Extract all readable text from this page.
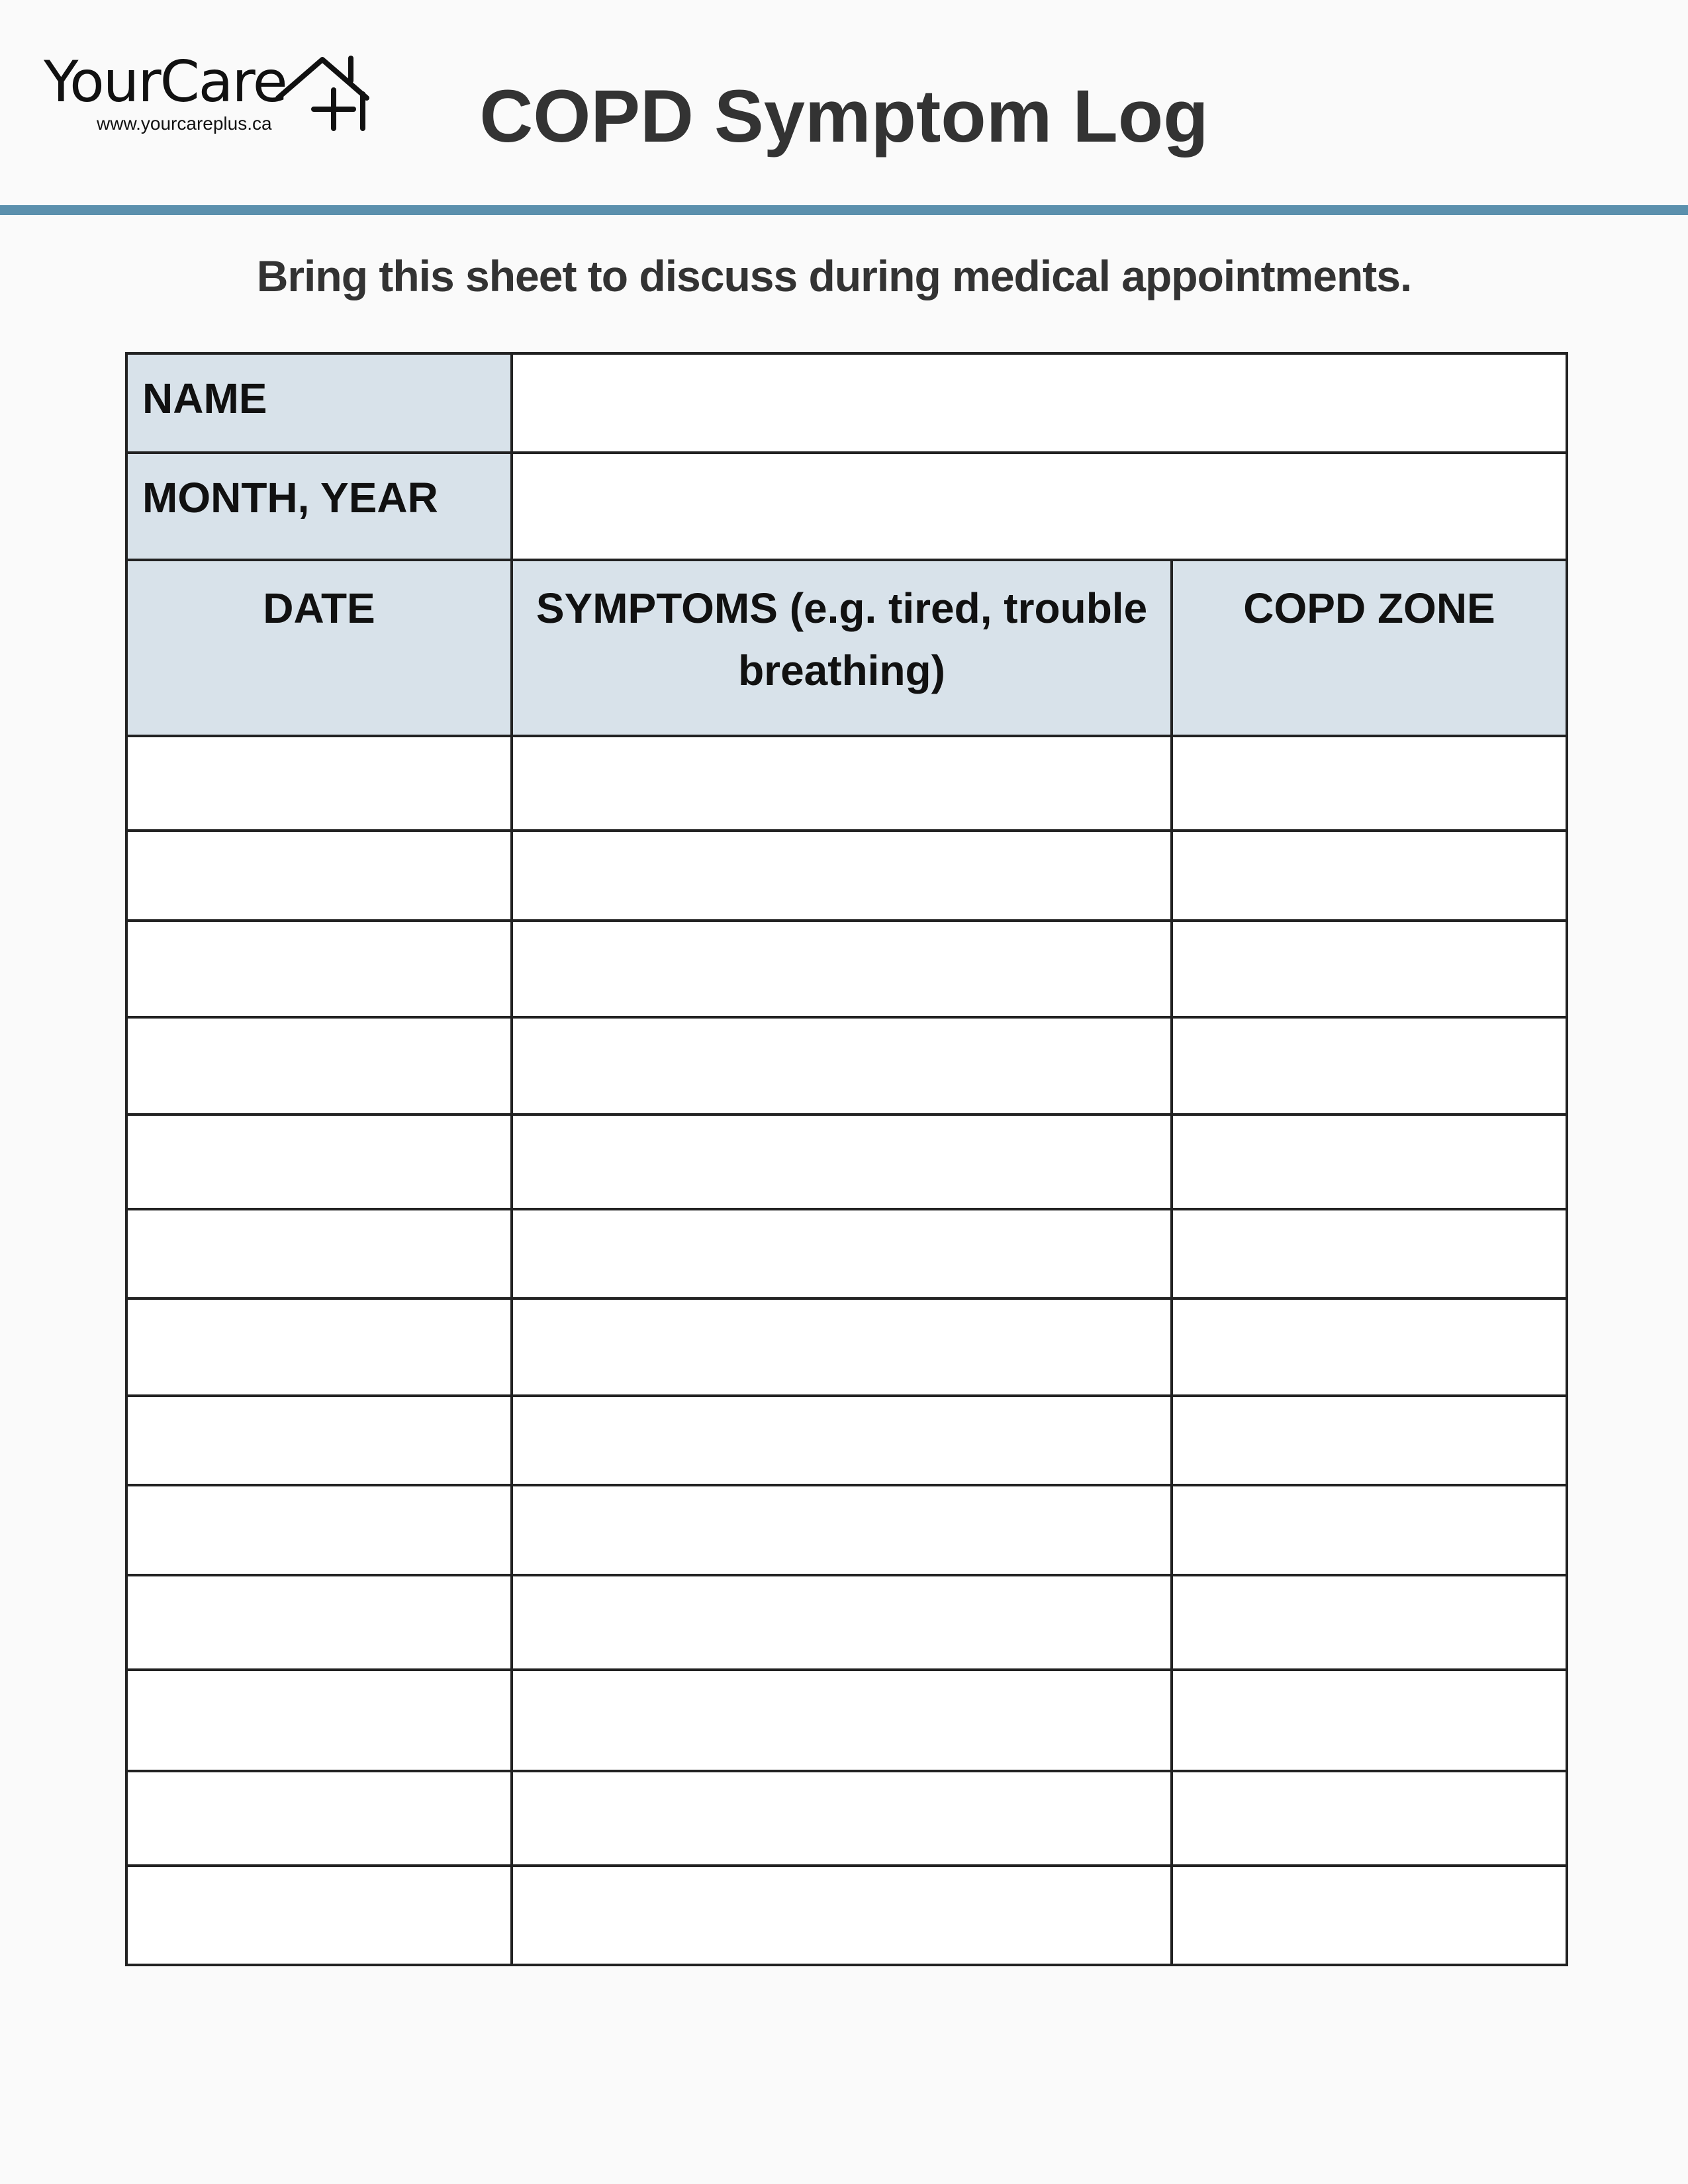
YourCare
www.yourcareplus.ca	COPD Symptom Log

Bring this sheet to discuss during medical appointments.

NAME		
MONTH, YEAR		
DATE	SYMPTOMS (e.g. tired, trouble breathing)	COPD ZONE
